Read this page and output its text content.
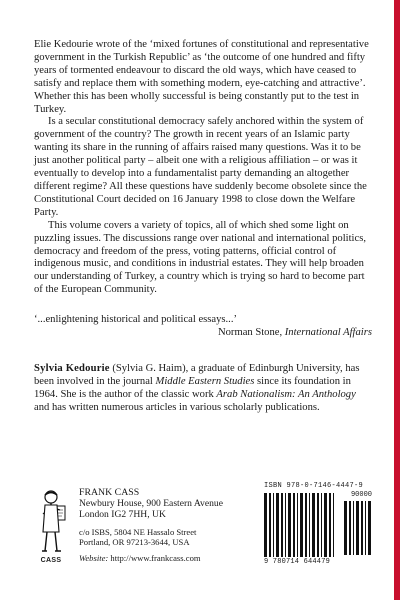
Elie Kedourie wrote of the ‘mixed fortunes of constitutional and representative government in the Turkish Republic’ as ‘the outcome of one hundred and fifty years of tormented endeavour to discard the old ways, which have ceased to satisfy and replace them with something modern, eye-catching and attractive’. Whether this has been wholly successful is being constantly put to the test in Turkey.

Is a secular constitutional democracy safely anchored within the system of government of the country? The growth in recent years of an Islamic party wanting its share in the running of affairs raised many questions. Was it to be just another political party – albeit one with a religious affiliation – or was it eventually to develop into a fundamentalist party demanding an altogether different regime? All these questions have suddenly become obsolete since the Constitutional Court decided on 16 January 1998 to close down the Welfare Party.

This volume covers a variety of topics, all of which shed some light on puzzling issues. The discussions range over national and international politics, democracy and freedom of the press, voting patterns, official control of indigenous music, and conditions in industrial estates. They will help broaden our understanding of Turkey, a country which is trying so hard to become part of the European Community.

‘...enlightening historical and political essays...’
Norman Stone, International Affairs
Sylvia Kedourie (Sylvia G. Haim), a graduate of Edinburgh University, has been involved in the journal Middle Eastern Studies since its foundation in 1964. She is the author of the classic work Arab Nationalism: An Anthology and has written numerous articles in various scholarly publications.
CASS
FRANK CASS
Newbury House, 900 Eastern Avenue
London IG2 7HH, UK
c/o ISBS, 5804 NE Hassalo Street
Portland, OR 97213-3644, USA
Website: http://www.frankcass.com
ISBN 978-0-7146-4447-9
90000
9 780714 644479
